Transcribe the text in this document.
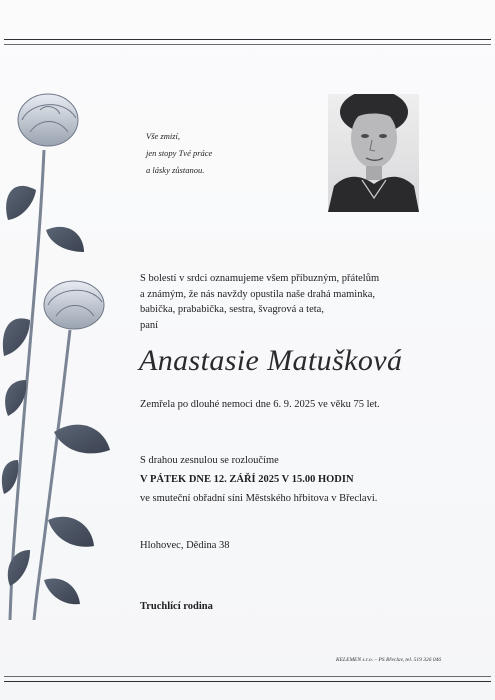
Vše zmizí,
jen stopy Tvé práce
a lásky zůstanou.
S bolestí v srdci oznamujeme všem příbuzným, přátelům
a známým, že nás navždy opustila naše drahá maminka,
babička, prababička, sestra, švagrová a teta,
paní
Anastasie Matušková
Zemřela po dlouhé nemoci dne 6. 9. 2025 ve věku 75 let.
S drahou zesnulou se rozloučíme
V PÁTEK DNE 12. ZÁŘÍ 2025 V 15.00 HODIN
ve smuteční obřadní síni Městského hřbitova v Břeclavi.
Hlohovec, Dědina 38
Truchlící rodina
KELEMEN s.r.o. – PS Břeclav, tel. 519 326 046
